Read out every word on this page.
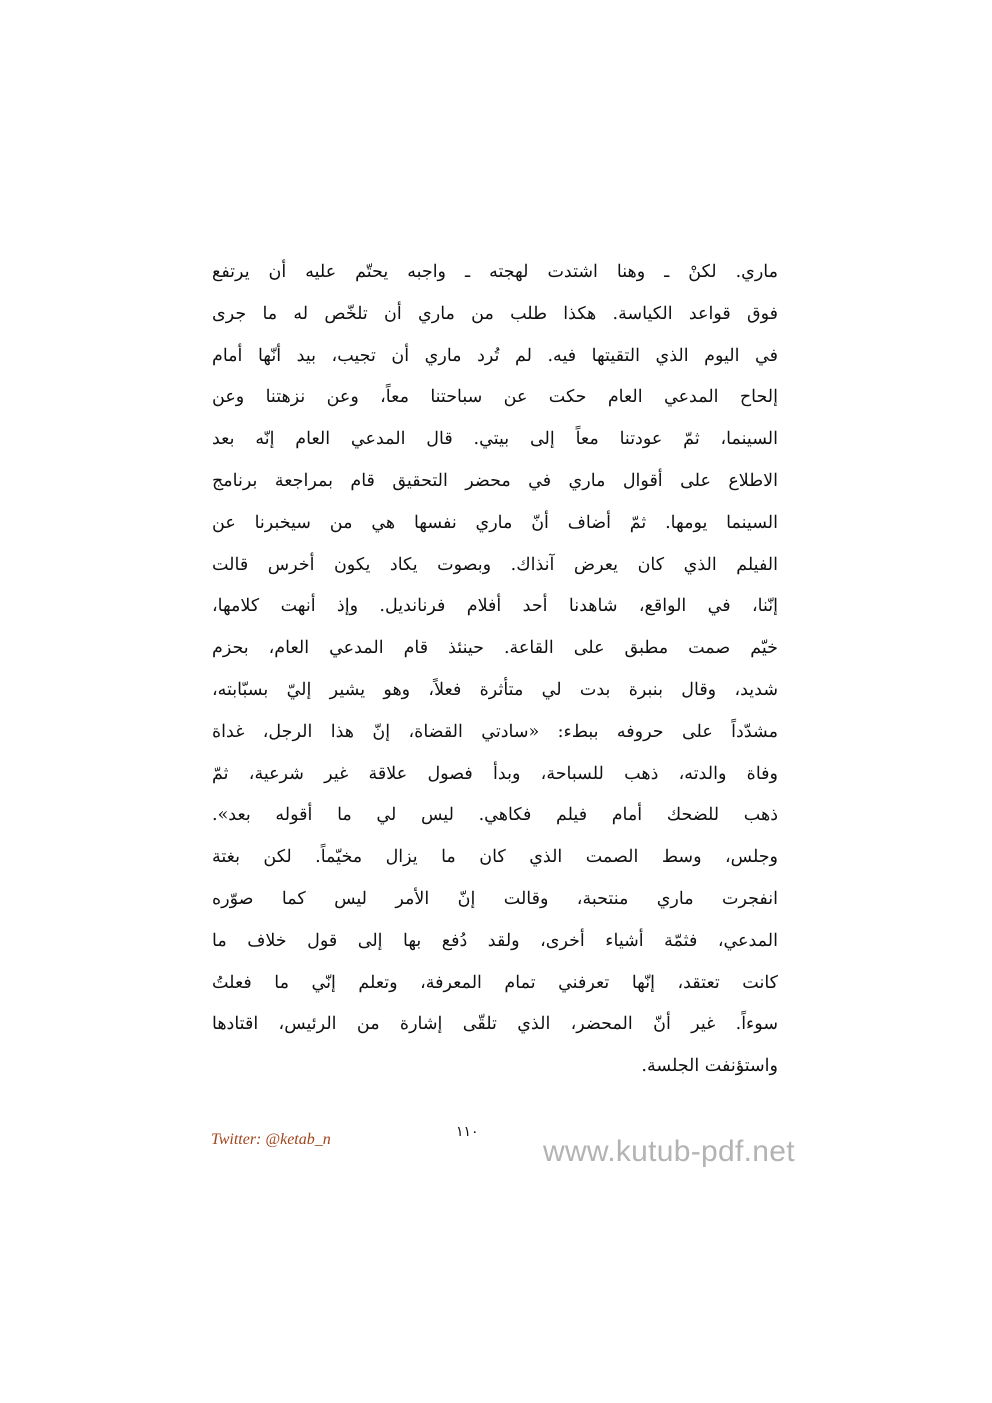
ماري. لكنْ ـ وهنا اشتدت لهجته ـ واجبه يحتّم عليه أن يرتفع
فوق قواعد الكياسة. هكذا طلب من ماري أن تلخّص له ما جرى
في اليوم الذي التقيتها فيه. لم تُرد ماري أن تجيب، بيد أنّها أمام
إلحاح المدعي العام حكت عن سباحتنا معاً، وعن نزهتنا وعن
السينما، ثمّ عودتنا معاً إلى بيتي. قال المدعي العام إنّه بعد
الاطلاع على أقوال ماري في محضر التحقيق قام بمراجعة برنامج
السينما يومها. ثمّ أضاف أنّ ماري نفسها هي من سيخبرنا عن
الفيلم الذي كان يعرض آنذاك. وبصوت يكاد يكون أخرس قالت
إنّنا، في الواقع، شاهدنا أحد أفلام فرنانديل. وإذ أنهت كلامها،
خيّم صمت مطبق على القاعة. حينئذ قام المدعي العام، بحزم
شديد، وقال بنبرة بدت لي متأثرة فعلاً، وهو يشير إليّ بسبّابته،
مشدّداً على حروفه ببطء: «سادتي القضاة، إنّ هذا الرجل، غداة
وفاة والدته، ذهب للسباحة، وبدأ فصول علاقة غير شرعية، ثمّ
ذهب للضحك أمام فيلم فكاهي. ليس لي ما أقوله بعد».
وجلس، وسط الصمت الذي كان ما يزال مخيّماً. لكن بغتة
انفجرت ماري منتحبة، وقالت إنّ الأمر ليس كما صوّره
المدعي، فثمّة أشياء أخرى، ولقد دُفع بها إلى قول خلاف ما
كانت تعتقد، إنّها تعرفني تمام المعرفة، وتعلم إنّي ما فعلتُ
سوءاً. غير أنّ المحضر، الذي تلقّى إشارة من الرئيس، اقتادها
واستؤنفت الجلسة.
Twitter: @ketab_n	١١٠
www.kutub-pdf.net
